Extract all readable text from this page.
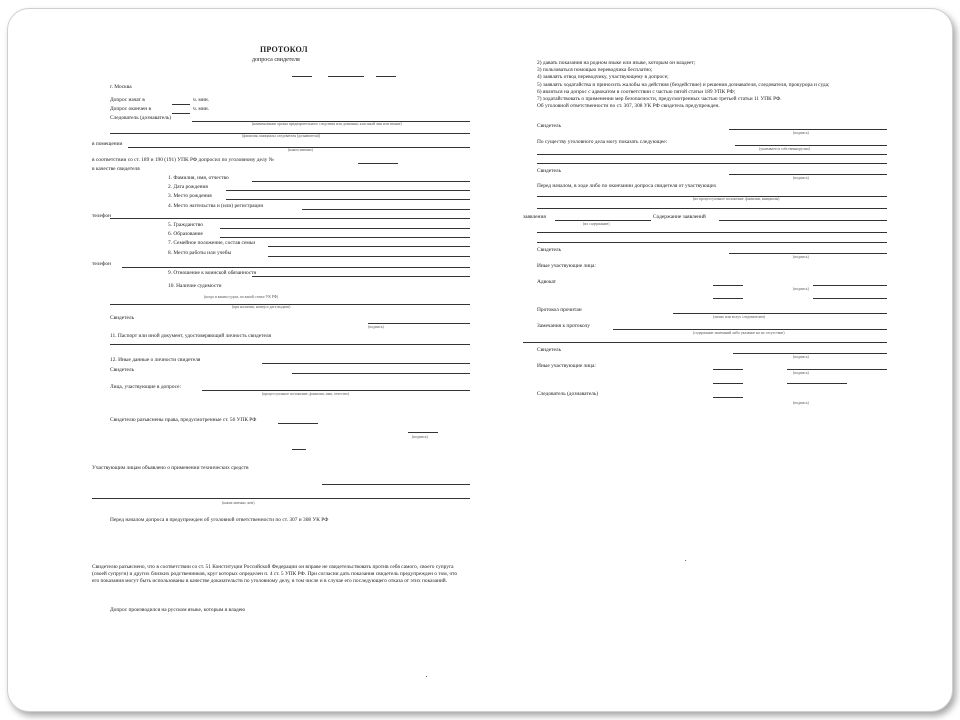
ПРОТОКОЛ
допроса свидетеля
г. Москва
Допрос начат в	ч. мин.
Допрос окончен в	ч. мин.
Следователь (дознаватель)
(наименование органа предварительного следствия или дознания, классный чин или звание)
(фамилия, инициалы следователя (дознавателя))
в помещении
(каком именно)
в соответствии со ст. 189 и 190 (191) УПК РФ допросил по уголовному делу №
в качестве свидетеля
1. Фамилия, имя, отчество
2. Дата рождения
3. Место рождения
4. Место жительства и (или) регистрации
телефон
5. Гражданство
6. Образование
7. Семейное положение, состав семьи
8. Место работы или учебы
телефон
9. Отношение к воинской обязанности
10. Наличие судимости
(когда и каким судом, по какой статье УК РФ)
(при наличии, номер и дата выдачи)
Свидетель
(подпись)
11. Паспорт или иной документ, удостоверяющий личность свидетеля
12. Иные данные о личности свидетеля
Свидетель
Лица, участвующие в допросе:
(процессуальное положение, фамилия, имя, отчество)
Свидетелю разъяснены права, предусмотренные ст. 56 УПК РФ
(подпись)
Участвующим лицам объявлено о применении технических средств
(каких именно, кем)
Перед началом допроса я предупрежден об уголовной ответственности по ст. 307 и 308 УК РФ
Свидетелю разъяснено, что в соответствии со ст. 51 Конституции Российской Федерации он вправе не свидетельствовать против себя самого, своего супруга (своей супруги) и других близких родственников, круг которых определен п. 4 ст. 5 УПК РФ. При согласии дать показания свидетель предупрежден о том, что его показания могут быть использованы в качестве доказательств по уголовному делу, в том числе и в случае его последующего отказа от этих показаний.
Допрос производился на русском языке, которым я владею
2) давать показания на родном языке или языке, которым он владеет;
3) пользоваться помощью переводчика бесплатно;
4) заявлять отвод переводчику, участвующему в допросе;
5) заявлять ходатайства и приносить жалобы на действия (бездействие) и решения дознавателя, следователя, прокурора и суда;
6) являться на допрос с адвокатом в соответствии с частью пятой статьи 189 УПК РФ;
7) ходатайствовать о применении мер безопасности, предусмотренных частью третьей статьи 11 УПК РФ.
Об уголовной ответственности по ст. 307, 308 УК РФ свидетель предупрежден.
Свидетель
(подпись)
По существу уголовного дела могу показать следующее:
(указывается собственноручно)
Свидетель
(подпись)
Перед началом, в ходе либо по окончании допроса свидетеля от участвующих
(их процессуальное положение, фамилии, инициалы)
заявления	Содержание заявлений
(их содержание)
Свидетель
(подпись)
Иные участвующие лица:
Адвокат
(подпись)
Протокол прочитан
(лично или вслух следователем)
Замечания к протоколу
(содержание замечаний либо указание на их отсутствие)
Свидетель
(подпись)
Иные участвующие лица:
(подпись)
Следователь (дознаватель)
(подпись)
